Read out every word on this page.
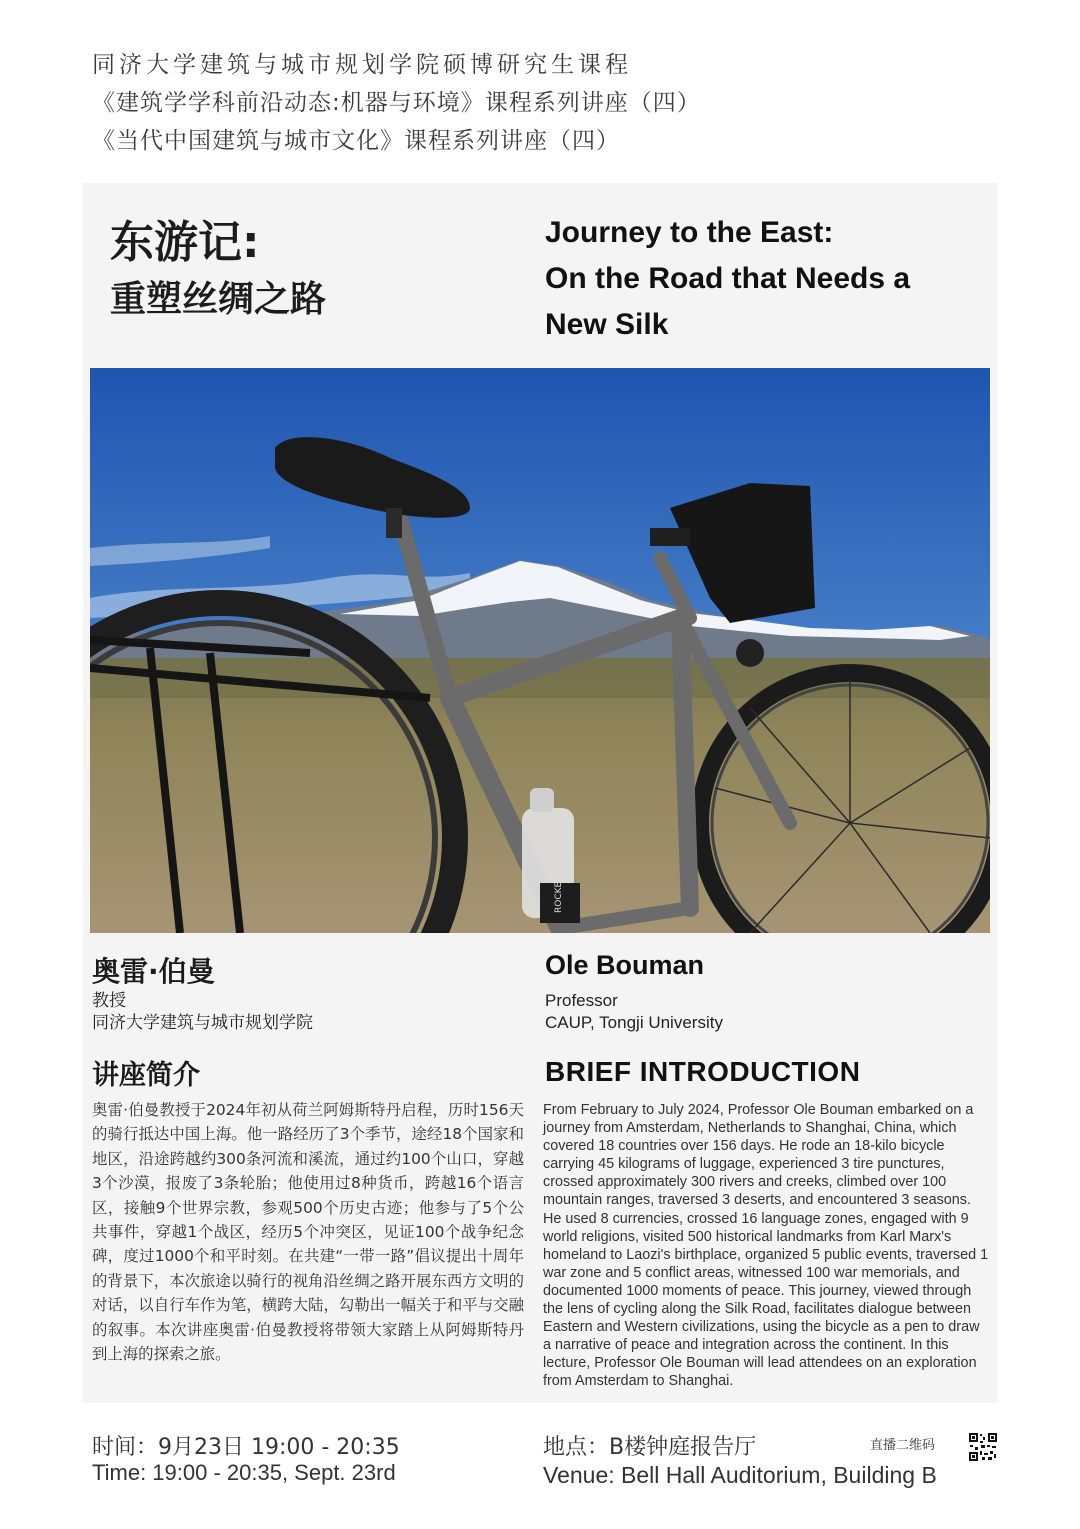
同济大学建筑与城市规划学院硕博研究生课程
《建筑学学科前沿动态:机器与环境》课程系列讲座（四）
《当代中国建筑与城市文化》课程系列讲座（四）
东游记:
重塑丝绸之路
Journey to the East:
On the Road that Needs a
New Silk
ROCKER
奥雷·伯曼
教授
同济大学建筑与城市规划学院
Ole Bouman
Professor
CAUP, Tongji University
讲座简介	BRIEF INTRODUCTION
奥雷·伯曼教授于2024年初从荷兰阿姆斯特丹启程，历时156天的骑行抵达中国上海。他一路经历了3个季节，途经18个国家和地区，沿途跨越约300条河流和溪流，通过约100个山口，穿越3个沙漠，报废了3条轮胎；他使用过8种货币，跨越16个语言区，接触9个世界宗教，参观500个历史古迹；他参与了5个公共事件，穿越1个战区，经历5个冲突区，见证100个战争纪念碑，度过1000个和平时刻。在共建“一带一路”倡议提出十周年的背景下，本次旅途以骑行的视角沿丝绸之路开展东西方文明的对话，以自行车作为笔，横跨大陆，勾勒出一幅关于和平与交融的叙事。本次讲座奥雷·伯曼教授将带领大家踏上从阿姆斯特丹到上海的探索之旅。
From February to July 2024, Professor Ole Bouman embarked on a journey from Amsterdam, Netherlands to Shanghai, China, which covered 18 countries over 156 days. He rode an 18-kilo bicycle carrying 45 kilograms of luggage, experienced 3 tire punctures, crossed approximately 300 rivers and creeks, climbed over 100 mountain ranges, traversed 3 deserts, and encountered 3 seasons. He used 8 currencies, crossed 16 language zones, engaged with 9 world religions, visited 500 historical landmarks from Karl Marx's homeland to Laozi's birthplace, organized 5 public events, traversed 1 war zone and 5 conflict areas, witnessed 100 war memorials, and documented 1000 moments of peace. This journey, viewed through the lens of cycling along the Silk Road, facilitates dialogue between Eastern and Western civilizations, using the bicycle as a pen to draw a narrative of peace and integration across the continent. In this lecture, Professor Ole Bouman will lead attendees on an exploration from Amsterdam to Shanghai.
时间：9月23日 19:00 - 20:35
Time: 19:00 - 20:35, Sept. 23rd
地点：B楼钟庭报告厅
Venue: Bell Hall Auditorium, Building B
直播二维码
